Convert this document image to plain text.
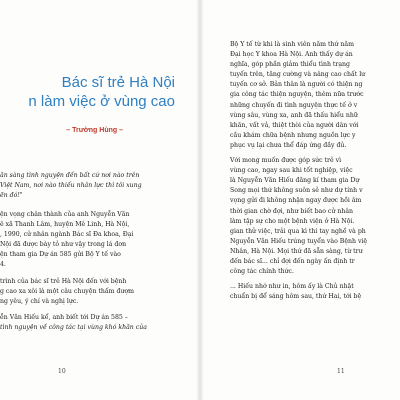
Bác sĩ trẻ Hà Nội
n làm việc ở vùng cao
– Trường Hùng –
ăn sàng tình nguyện đến bất cứ nơi nào trên
Việt Nam, nơi nào thiếu nhân lực thì tôi xung
ẽn đó!"
ện vọng chân thành của anh Nguyễn Văn
ê xã Thanh Lâm, huyện Mê Linh, Hà Nội,
, 1990, cử nhân ngành Bác sĩ Đa khoa, Đại
Nội đã được bày tỏ như vậy trong lá đơn
ện tham gia Dự án 585 gửi Bộ Y tế vào
4.
trình của bác sĩ trẻ Hà Nội đến với bệnh
g cao xa xôi là một câu chuyện thấm đượm
ng yêu, ý chí và nghị lực.
ễn Văn Hiếu kể, anh biết tới Dự án 585 –
tình nguyện về công tác tại vùng khó khăn của
10
Bộ Y tế từ khi là sinh viên năm thứ năm
Đại học Y khoa Hà Nội. Anh thấy dự án
nghĩa, góp phần giảm thiểu tình trạng
tuyến trên, tăng cường và nâng cao chất lư
tuyến cơ sở. Bản thân là người có thiện ng
gia công tác thiện nguyện, thêm nữa trước
những chuyến đi tình nguyện thực tế ở v
vùng sâu, vùng xa, anh đã thấu hiểu nhữ
khăn, vất vả, thiệt thòi của người dân với
cầu khám chữa bệnh nhưng nguồn lực y
phục vụ lại chưa thể đáp ứng đầy đủ.
Với mong muốn được góp sức trẻ vì
vùng cao, ngay sau khi tốt nghiệp, việc
là Nguyễn Văn Hiếu đăng kí tham gia Dự
Song mọi thứ không suôn sẻ như dự tính v
vọng gửi đi không nhận ngay được hồi âm
thời gian chờ đợi, như biết bao cử nhân
làm tập sự cho một bệnh viện ở Hà Nội.
gian thử việc, trải qua kì thi tay nghề và ph
Nguyễn Văn Hiếu trúng tuyển vào Bệnh việ
Nhân, Hà Nội. Mọi thứ đã sẵn sàng, từ trư
đến bác sĩ... chỉ đợi đến ngày ấn định tr
công tác chính thức.
... Hiếu nhớ như in, hôm ấy là Chủ nhật
chuẩn bị để sáng hôm sau, thứ Hai, tới bệ
11
